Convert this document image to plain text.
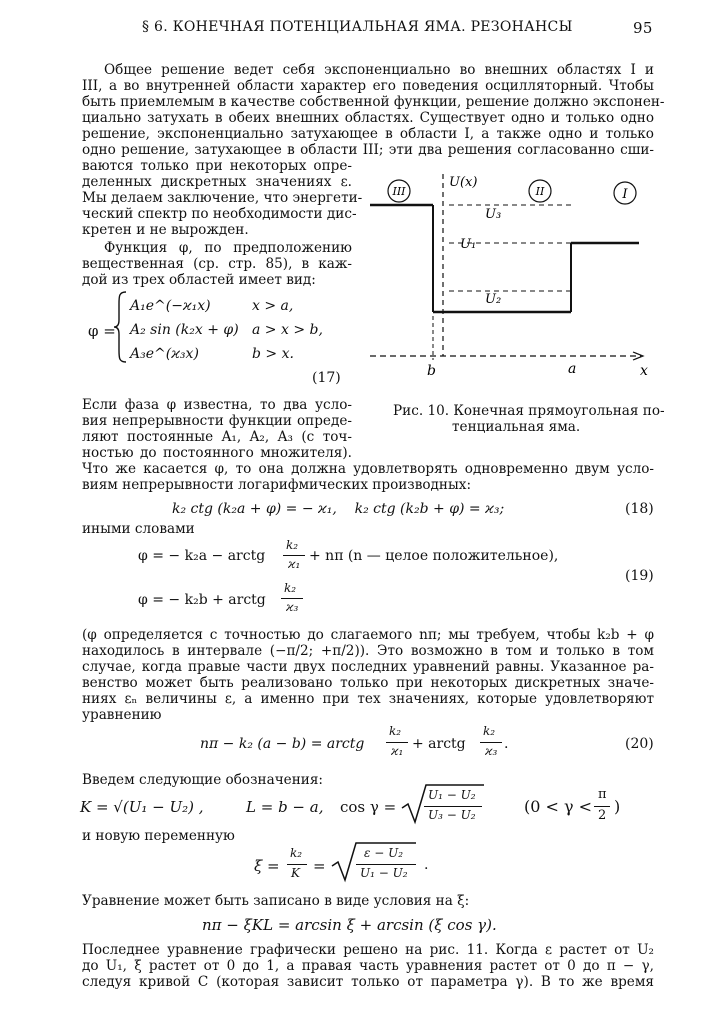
§ 6. КОНЕЧНАЯ ПОТЕНЦИАЛЬНАЯ ЯМА. РЕЗОНАНСЫ	95
Общее решение ведет себя экспоненциально во внешних областях I и
III, а во внутренней области характер его поведения осцилляторный. Чтобы
быть приемлемым в качестве собственной функции, решение должно экспонен-
циально затухать в обеих внешних областях. Существует одно и только одно
решение, экспоненциально затухающее в области I, а также одно и только
одно решение, затухающее в области III; эти два решения согласованно сши-
ваются только при некоторых опре-
деленных дискретных значениях ε.
Мы делаем заключение, что энергети-
ческий спектр по необходимости дис-
кретен и не вырожден.
Функция φ, по предположению
вещественная (ср. стр. 85), в каж-
дой из трех областей имеет вид:
φ =
A₁e^(−ϰ₁x)	x > a,
A₂ sin (k₂x + φ) a > x > b,
A₃e^(ϰ₃x)	b > x.
(17)
Если фаза φ известна, то два усло-
вия непрерывности функции опреде-
ляют постоянные A₁, A₂, A₃ (с точ-
ностью до постоянного множителя).
III	II	I
U(x)
U₃
U₁
U₂
b	a	x
Рис. 10. Конечная прямоугольная по-
тенциальная яма.
Что же касается φ, то она должна удовлетворять одновременно двум усло-
виям непрерывности логарифмических производных:
k₂ ctg (k₂a + φ) = − ϰ₁,    k₂ ctg (k₂b + φ) = ϰ₃;	(18)
иными словами
φ = − k₂a − arctg
k₂
ϰ₁ + nπ (n — целое положительное),
φ = − k₂b + arctg
k₂
ϰ₃
(19)
(φ определяется с точностью до слагаемого nπ; мы требуем, чтобы k₂b + φ
находилось в интервале (−π/2; +π/2)). Это возможно в том и только в том
случае, когда правые части двух последних уравнений равны. Указанное ра-
венство может быть реализовано только при некоторых дискретных значе-
ниях εₙ величины ε, а именно при тех значениях, которые удовлетворяют
уравнению
nπ − k₂ (a − b) = arctg
k₂
ϰ₁ + arctg
k₂
ϰ₃ .	(20)
Введем следующие обозначения:
K = √(U₁ − U₂) ,	L = b − a, cos γ =
U₁ − U₂
U₃ − U₂	(0 < γ <
π
2 )
и новую переменную
ξ =
k₂
K =
ε − U₂
U₁ − U₂ .
Уравнение может быть записано в виде условия на ξ:
nπ − ξKL = arcsin ξ + arcsin (ξ cos γ).
Последнее уравнение графически решено на рис. 11. Когда ε растет от U₂
до U₁, ξ растет от 0 до 1, а правая часть уравнения растет от 0 до π − γ,
следуя кривой C (которая зависит только от параметра γ). В то же время
